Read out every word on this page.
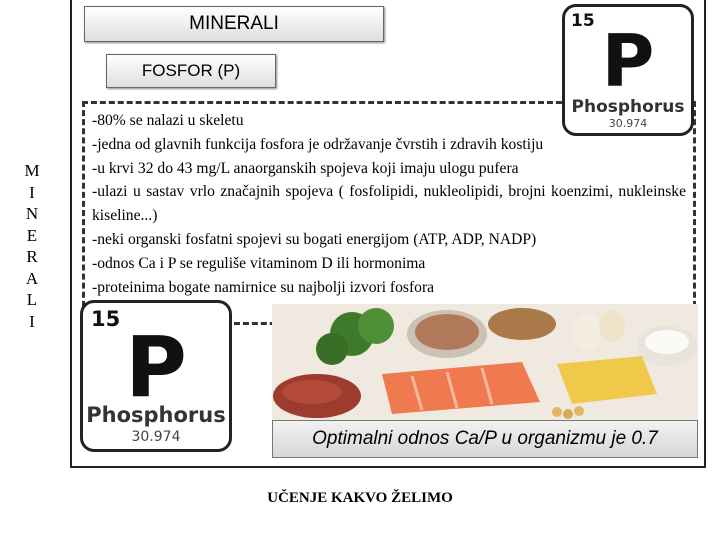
M
I
N
E
R
A
L
I
MINERALI
FOSFOR (P)
-80% se nalazi u skeletu
-jedna od glavnih funkcija fosfora je održavanje čvrstih i zdravih kostiju
-u krvi 32 do 43 mg/L anaorganskih spojeva koji imaju ulogu pufera
-ulazi u sastav vrlo značajnih spojeva ( fosfolipidi, nukleolipidi, brojni koenzimi, nukleinske kiseline...)
-neki organski fosfatni spojevi su bogati energijom (ATP, ADP, NADP)
-odnos Ca i P se reguliše vitaminom D ili hormonima
-proteinima bogate namirnice su najbolji izvori fosfora
15 P
Phosphorus
30.974
15 P
Phosphorus
30.974	Optimalni odnos Ca/P u organizmu je 0.7
UČENJE KAKVO ŽELIMO
